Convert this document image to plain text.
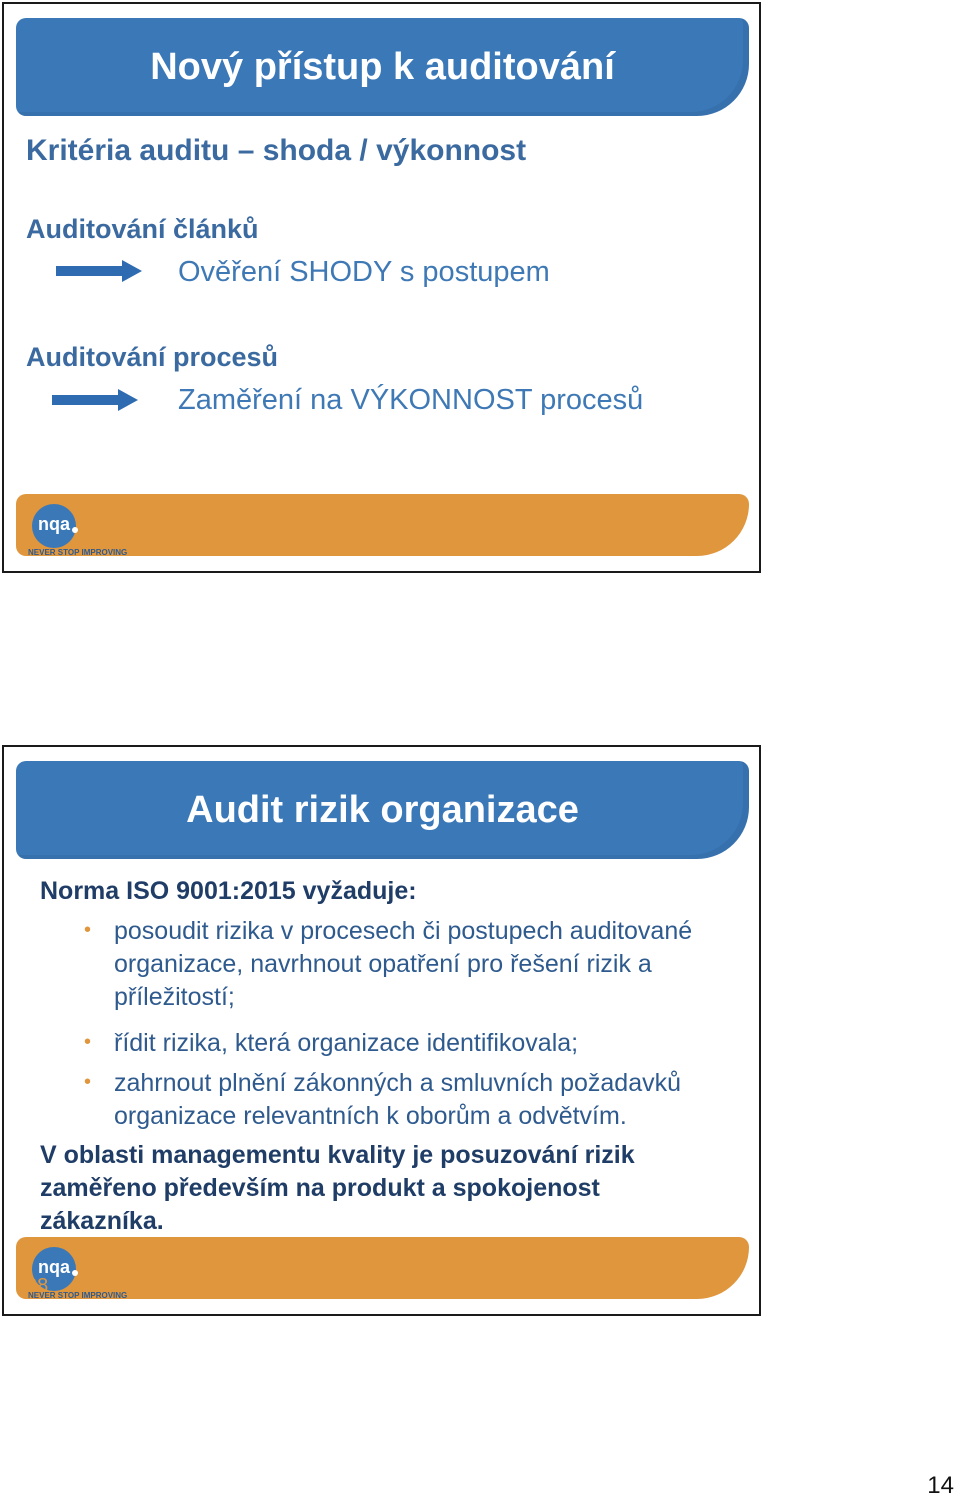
Nový přístup k auditování
Kritéria auditu – shoda / výkonnost
Auditování článků
Ověření SHODY s postupem
Auditování procesů
Zaměření na VÝKONNOST procesů
nqa
NEVER STOP IMPROVING
Audit rizik organizace
Norma ISO 9001:2015 vyžaduje:
• posoudit rizika v procesech či postupech auditované organizace, navrhnout opatření pro řešení rizik a příležitostí;
• řídit rizika, která organizace identifikovala;
• zahrnout plnění zákonných a smluvních požadavků organizace relevantních k oborům a odvětvím.
V oblasti managementu kvality je posuzování rizik zaměřeno především na produkt a spokojenost zákazníka.
nqa
NEVER STOP IMPROVING
28
14
